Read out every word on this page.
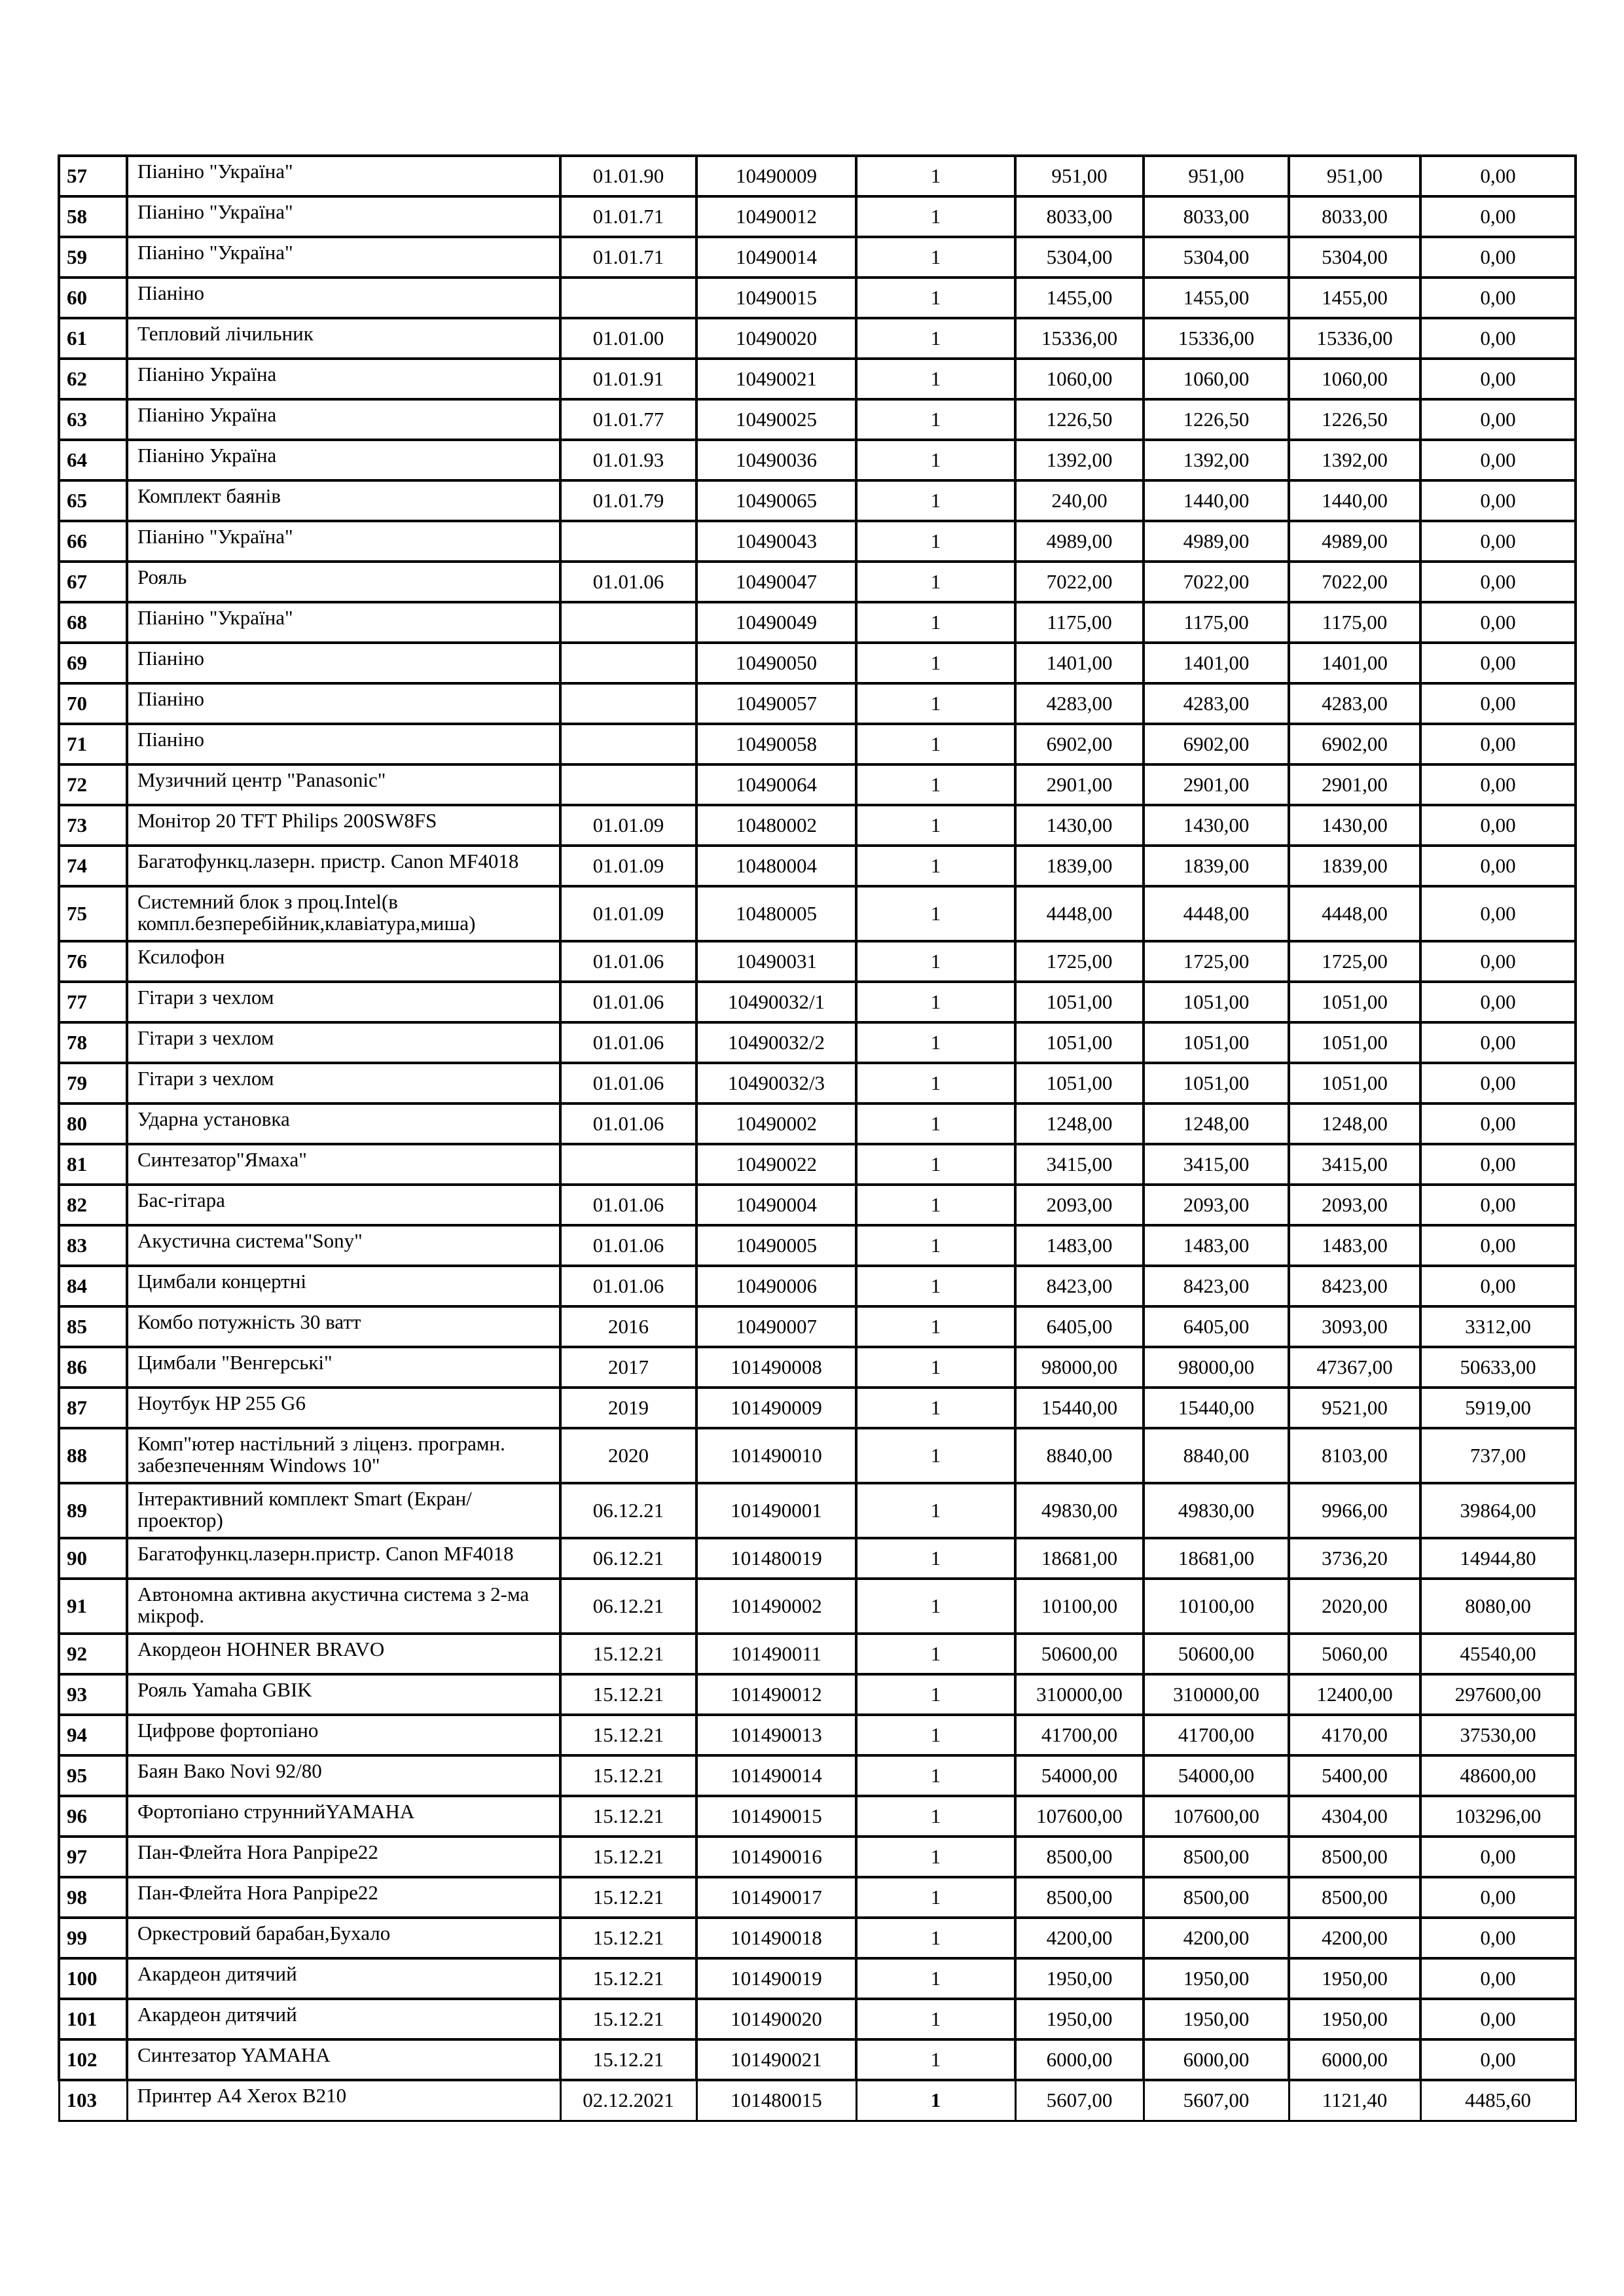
57	Піаніно "Україна"	01.01.90	10490009	1	951,00	951,00	951,00	0,00
58	Піаніно "Україна"	01.01.71	10490012	1	8033,00	8033,00	8033,00	0,00
59	Піаніно "Україна"	01.01.71	10490014	1	5304,00	5304,00	5304,00	0,00
60	Піаніно		10490015	1	1455,00	1455,00	1455,00	0,00
61	Тепловий лічильник	01.01.00	10490020	1	15336,00	15336,00	15336,00	0,00
62	Піаніно Україна	01.01.91	10490021	1	1060,00	1060,00	1060,00	0,00
63	Піаніно Україна	01.01.77	10490025	1	1226,50	1226,50	1226,50	0,00
64	Піаніно Україна	01.01.93	10490036	1	1392,00	1392,00	1392,00	0,00
65	Комплект баянів	01.01.79	10490065	1	240,00	1440,00	1440,00	0,00
66	Піаніно "Україна"		10490043	1	4989,00	4989,00	4989,00	0,00
67	Рояль	01.01.06	10490047	1	7022,00	7022,00	7022,00	0,00
68	Піаніно "Україна"		10490049	1	1175,00	1175,00	1175,00	0,00
69	Піаніно		10490050	1	1401,00	1401,00	1401,00	0,00
70	Піаніно		10490057	1	4283,00	4283,00	4283,00	0,00
71	Піаніно		10490058	1	6902,00	6902,00	6902,00	0,00
72	Музичний центр "Panasonic"		10490064	1	2901,00	2901,00	2901,00	0,00
73	Монітор 20 TFT Philips 200SW8FS	01.01.09	10480002	1	1430,00	1430,00	1430,00	0,00
74	Багатофункц.лазерн. пристр. Canon MF4018	01.01.09	10480004	1	1839,00	1839,00	1839,00	0,00
75	Системний блок з проц.Intel(в компл.безперебійник,клавіатура,миша)	01.01.09	10480005	1	4448,00	4448,00	4448,00	0,00
76	Ксилофон	01.01.06	10490031	1	1725,00	1725,00	1725,00	0,00
77	Гітари з чехлом	01.01.06	10490032/1	1	1051,00	1051,00	1051,00	0,00
78	Гітари з чехлом	01.01.06	10490032/2	1	1051,00	1051,00	1051,00	0,00
79	Гітари з чехлом	01.01.06	10490032/3	1	1051,00	1051,00	1051,00	0,00
80	Ударна установка	01.01.06	10490002	1	1248,00	1248,00	1248,00	0,00
81	Синтезатор"Ямаха"		10490022	1	3415,00	3415,00	3415,00	0,00
82	Бас-гітара	01.01.06	10490004	1	2093,00	2093,00	2093,00	0,00
83	Акустична система"Sony"	01.01.06	10490005	1	1483,00	1483,00	1483,00	0,00
84	Цимбали концертні	01.01.06	10490006	1	8423,00	8423,00	8423,00	0,00
85	Комбо потужність 30 ватт	2016	10490007	1	6405,00	6405,00	3093,00	3312,00
86	Цимбали "Венгерські"	2017	101490008	1	98000,00	98000,00	47367,00	50633,00
87	Ноутбук HP 255 G6	2019	101490009	1	15440,00	15440,00	9521,00	5919,00
88	Комп"ютер настільний з ліценз. програмн. забезпеченням Windows 10"	2020	101490010	1	8840,00	8840,00	8103,00	737,00
89	Інтерактивний комплект Smart (Екран/проектор)	06.12.21	101490001	1	49830,00	49830,00	9966,00	39864,00
90	Багатофункц.лазерн.пристр. Canon MF4018	06.12.21	101480019	1	18681,00	18681,00	3736,20	14944,80
91	Автономна активна акустична система з 2-ма мікроф.	06.12.21	101490002	1	10100,00	10100,00	2020,00	8080,00
92	Акордеон HOHNER BRAVO	15.12.21	101490011	1	50600,00	50600,00	5060,00	45540,00
93	Рояль Yamaha GBIK	15.12.21	101490012	1	310000,00	310000,00	12400,00	297600,00
94	Цифрове фортопіано	15.12.21	101490013	1	41700,00	41700,00	4170,00	37530,00
95	Баян Вако Novi 92/80	15.12.21	101490014	1	54000,00	54000,00	5400,00	48600,00
96	Фортопіано струннийYAMAHA	15.12.21	101490015	1	107600,00	107600,00	4304,00	103296,00
97	Пан-Флейта Hora Panpipe22	15.12.21	101490016	1	8500,00	8500,00	8500,00	0,00
98	Пан-Флейта Hora Panpipe22	15.12.21	101490017	1	8500,00	8500,00	8500,00	0,00
99	Оркестровий барабан,Бухало	15.12.21	101490018	1	4200,00	4200,00	4200,00	0,00
100	Акардеон дитячий	15.12.21	101490019	1	1950,00	1950,00	1950,00	0,00
101	Акардеон дитячий	15.12.21	101490020	1	1950,00	1950,00	1950,00	0,00
102	Синтезатор YAMAHA	15.12.21	101490021	1	6000,00	6000,00	6000,00	0,00
103	Принтер А4 Xerox B210	02.12.2021	101480015	1	5607,00	5607,00	1121,40	4485,60
